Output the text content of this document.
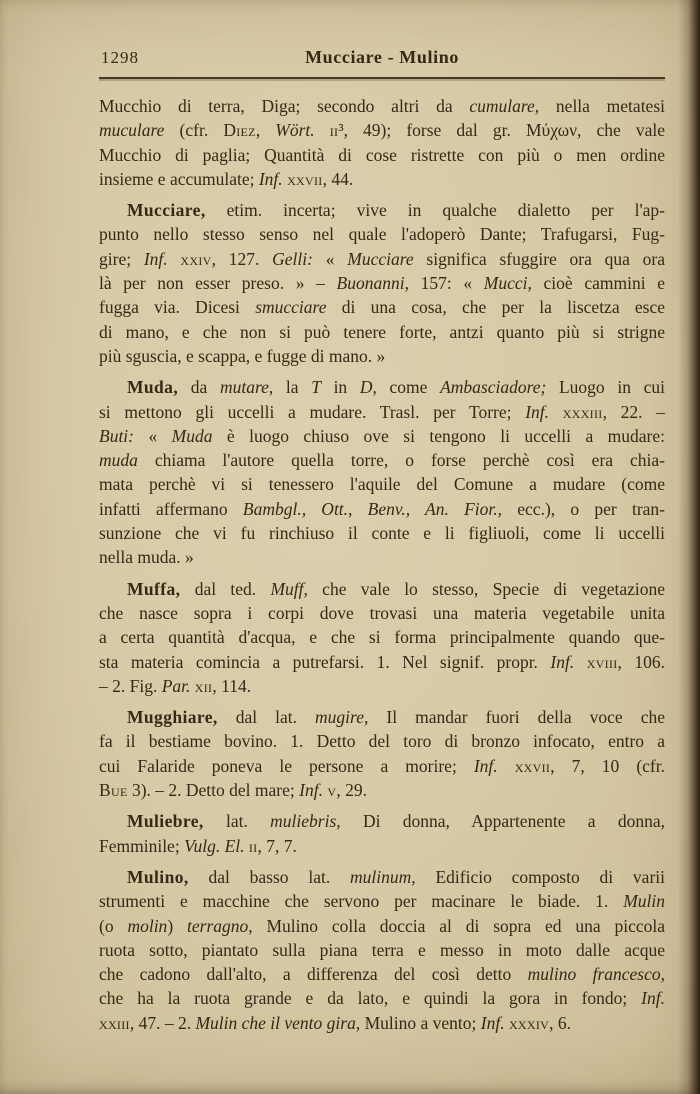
1298	Mucciare - Mulino
Mucchio di terra, Diga; secondo altri da cumulare, nella metatesi
muculare (cfr. Diez, Wört. ii³, 49); forse dal gr. Μύχων, che vale
Mucchio di paglia; Quantità di cose ristrette con più o men ordine
insieme e accumulate; Inf. xxvii, 44.
Mucciare, etim. incerta; vive in qualche dialetto per l'ap-
punto nello stesso senso nel quale l'adoperò Dante; Trafugarsi, Fug-
gire; Inf. xxiv, 127. Gelli: « Mucciare significa sfuggire ora qua ora
là per non esser preso. » – Buonanni, 157: « Mucci, cioè cammini e
fugga via. Dicesi smucciare di una cosa, che per la liscetza esce
di mano, e che non si può tenere forte, antzi quanto più si strigne
più sguscia, e scappa, e fugge di mano. »
Muda, da mutare, la T in D, come Ambasciadore; Luogo in cui
si mettono gli uccelli a mudare. Trasl. per Torre; Inf. xxxiii, 22. –
Buti: « Muda è luogo chiuso ove si tengono li uccelli a mudare:
muda chiama l'autore quella torre, o forse perchè così era chia-
mata perchè vi si tenessero l'aquile del Comune a mudare (come
infatti affermano Bambgl., Ott., Benv., An. Fior., ecc.), o per tran-
sunzione che vi fu rinchiuso il conte e li figliuoli, come li uccelli
nella muda. »
Muffa, dal ted. Muff, che vale lo stesso, Specie di vegetazione
che nasce sopra i corpi dove trovasi una materia vegetabile unita
a certa quantità d'acqua, e che si forma principalmente quando que-
sta materia comincia a putrefarsi. 1. Nel signif. propr. Inf. xviii, 106.
– 2. Fig. Par. xii, 114.
Mugghiare, dal lat. mugire, Il mandar fuori della voce che
fa il bestiame bovino. 1. Detto del toro di bronzo infocato, entro a
cui Falaride poneva le persone a morire; Inf. xxvii, 7, 10 (cfr.
Bue 3). – 2. Detto del mare; Inf. v, 29.
Muliebre, lat. muliebris, Di donna, Appartenente a donna,
Femminile; Vulg. El. ii, 7, 7.
Mulino, dal basso lat. mulinum, Edificio composto di varii
strumenti e macchine che servono per macinare le biade. 1. Mulin
(o molin) terragno, Mulino colla doccia al di sopra ed una piccola
ruota sotto, piantato sulla piana terra e messo in moto dalle acque
che cadono dall'alto, a differenza del così detto mulino francesco,
che ha la ruota grande e da lato, e quindi la gora in fondo; Inf.
xxiii, 47. – 2. Mulin che il vento gira, Mulino a vento; Inf. xxxiv, 6.
